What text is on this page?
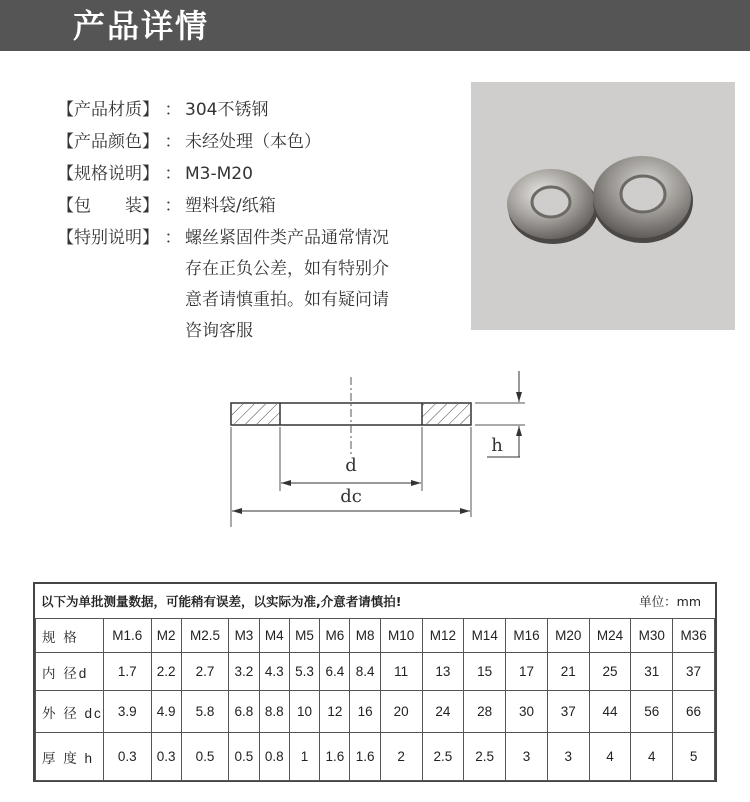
产品详情
【产品材质】 ： 304不锈钢
【产品颜色】 ： 未经处理（本色）
【规格说明】 ： M3-M20
【包　　装】 ： 塑料袋/纸箱
【特别说明】 ： 螺丝紧固件类产品通常情况
存在正负公差，如有特别介
意者请慎重拍。如有疑问请
咨询客服
d
dc
h
以下为单批测量数据，可能稍有误差，以实际为准,介意者请慎拍!	单位：mm
规 格	M1.6	M2	M2.5	M3	M4	M5	M6	M8	M10	M12	M14	M16	M20	M24	M30	M36
内 径d	1.7	2.2	2.7	3.2	4.3	5.3	6.4	8.4	11	13	15	17	21	25	31	37
外 径 dc	3.9	4.9	5.8	6.8	8.8	10	12	16	20	24	28	30	37	44	56	66
厚 度 h	0.3	0.3	0.5	0.5	0.8	1	1.6	1.6	2	2.5	2.5	3	3	4	4	5
